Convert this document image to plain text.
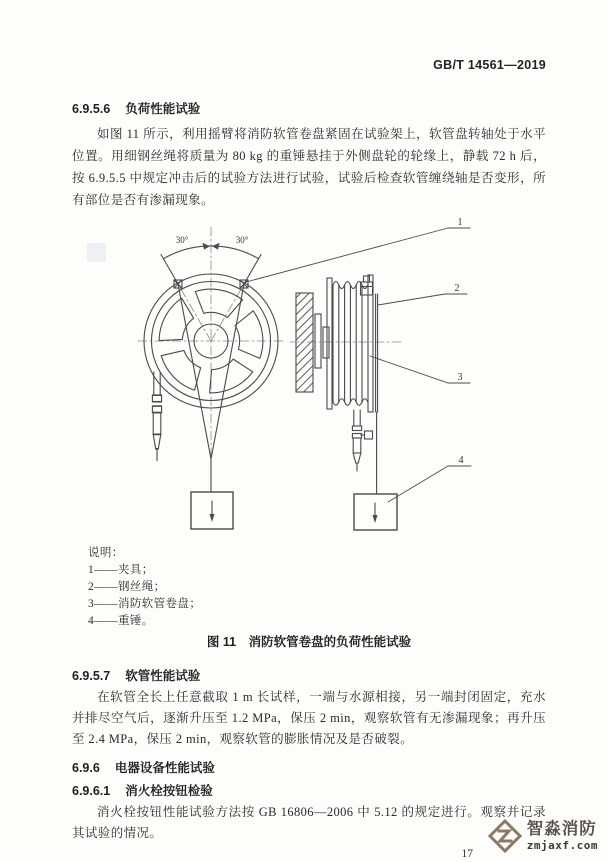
GB/T 14561—2019
6.9.5.6 负荷性能试验

如图 11 所示，利用摇臂将消防软管卷盘紧固在试验架上，软管盘转轴处于水平位置。用细钢丝绳将质量为 80 kg 的重锤悬挂于外侧盘轮的轮缘上，静载 72 h 后，按 6.9.5.5 中规定冲击后的试验方法进行试验，试验后检查软管缠绕轴是否变形，所有部位是否有渗漏现象。

1
2
3
4
30°	30°
说明：
1——夹具；
2——钢丝绳；
3——消防软管卷盘；
4——重锤。
图 11　消防软管卷盘的负荷性能试验
6.9.5.7 软管性能试验

在软管全长上任意截取 1 m 长试样，一端与水源相接，另一端封闭固定，充水并排尽空气后，逐渐升压至 1.2 MPa，保压 2 min，观察软管有无渗漏现象；再升压至 2.4 MPa，保压 2 min，观察软管的膨胀情况及是否破裂。

6.9.6 电器设备性能试验
6.9.6.1 消火栓按钮检验

消火栓按钮性能试验方法按 GB 16806—2006 中 5.12 的规定进行。观察并记录其试验的情况。

17
智淼消防
zmjaxf.com
